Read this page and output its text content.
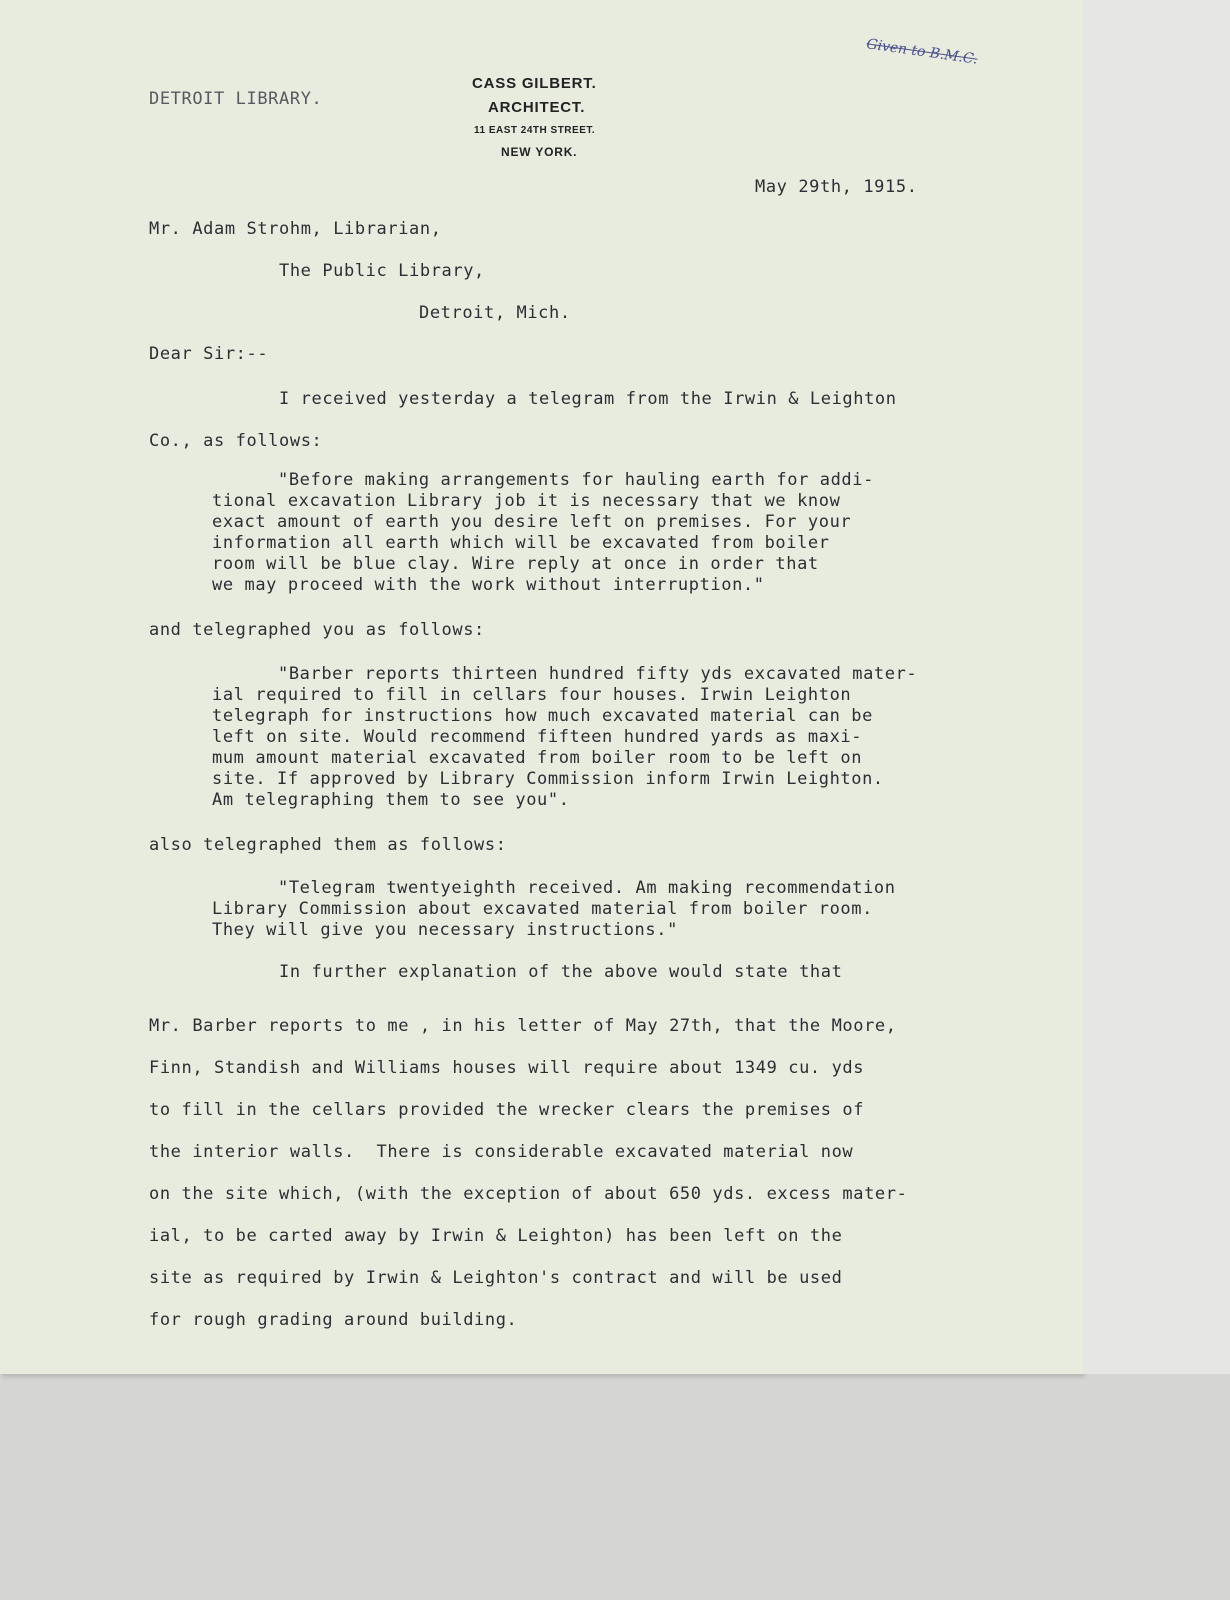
DETROIT LIBRARY.

Given to B.M.C.

CASS GILBERT.

ARCHITECT.

11 EAST 24TH STREET.

NEW YORK.

May 29th, 1915.

Mr. Adam Strohm, Librarian,

The Public Library,

Detroit, Mich.

Dear Sir:--

I received yesterday a telegram from the Irwin & Leighton

Co., as follows:

"Before making arrangements for hauling earth for addi-

tional excavation Library job it is necessary that we know

exact amount of earth you desire left on premises. For your

information all earth which will be excavated from boiler

room will be blue clay. Wire reply at once in order that

we may proceed with the work without interruption."

and telegraphed you as follows:

"Barber reports thirteen hundred fifty yds excavated mater-

ial required to fill in cellars four houses. Irwin Leighton

telegraph for instructions how much excavated material can be

left on site. Would recommend fifteen hundred yards as maxi-

mum amount material excavated from boiler room to be left on

site. If approved by Library Commission inform Irwin Leighton.

Am telegraphing them to see you".

also telegraphed them as follows:

"Telegram twentyeighth received. Am making recommendation

Library Commission about excavated material from boiler room.

They will give you necessary instructions."

In further explanation of the above would state that

Mr. Barber reports to me , in his letter of May 27th, that the Moore,

Finn, Standish and Williams houses will require about 1349 cu. yds

to fill in the cellars provided the wrecker clears the premises of

the interior walls.  There is considerable excavated material now

on the site which, (with the exception of about 650 yds. excess mater-

ial, to be carted away by Irwin & Leighton) has been left on the

site as required by Irwin & Leighton's contract and will be used

for rough grading around building.
